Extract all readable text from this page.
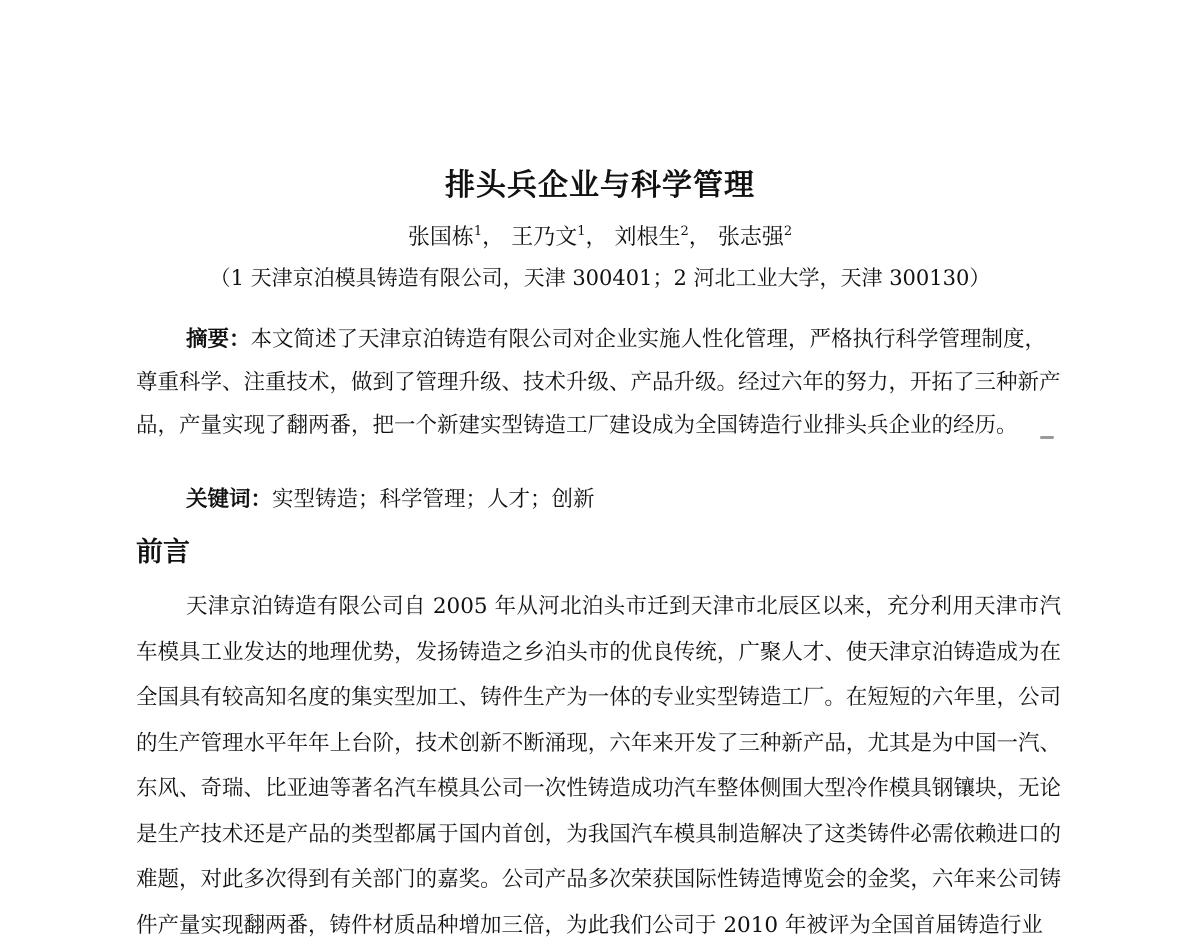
排头兵企业与科学管理
张国栋$^1$， 王乃文$^1$， 刘根生$^2$， 张志强$^2$
（1 天津京泊模具铸造有限公司，天津 300401；2 河北工业大学，天津 300130）

摘要：本文简述了天津京泊铸造有限公司对企业实施人性化管理，严格执行科学管理制度，尊重科学、注重技术，做到了管理升级、技术升级、产品升级。经过六年的努力，开拓了三种新产品，产量实现了翻两番，把一个新建实型铸造工厂建设成为全国铸造行业排头兵企业的经历。

关键词：实型铸造；科学管理；人才；创新
前言

天津京泊铸造有限公司自 2005 年从河北泊头市迁到天津市北辰区以来，充分利用天津市汽车模具工业发达的地理优势，发扬铸造之乡泊头市的优良传统，广聚人才、使天津京泊铸造成为在全国具有较高知名度的集实型加工、铸件生产为一体的专业实型铸造工厂。在短短的六年里，公司的生产管理水平年年上台阶，技术创新不断涌现，六年来开发了三种新产品，尤其是为中国一汽、东风、奇瑞、比亚迪等著名汽车模具公司一次性铸造成功汽车整体侧围大型冷作模具钢镶块，无论是生产技术还是产品的类型都属于国内首创，为我国汽车模具制造解决了这类铸件必需依赖进口的难题，对此多次得到有关部门的嘉奖。公司产品多次荣获国际性铸造博览会的金奖，六年来公司铸件产量实现翻两番，铸件材质品种增加三倍，为此我们公司于 2010 年被评为全国首届铸造行业
